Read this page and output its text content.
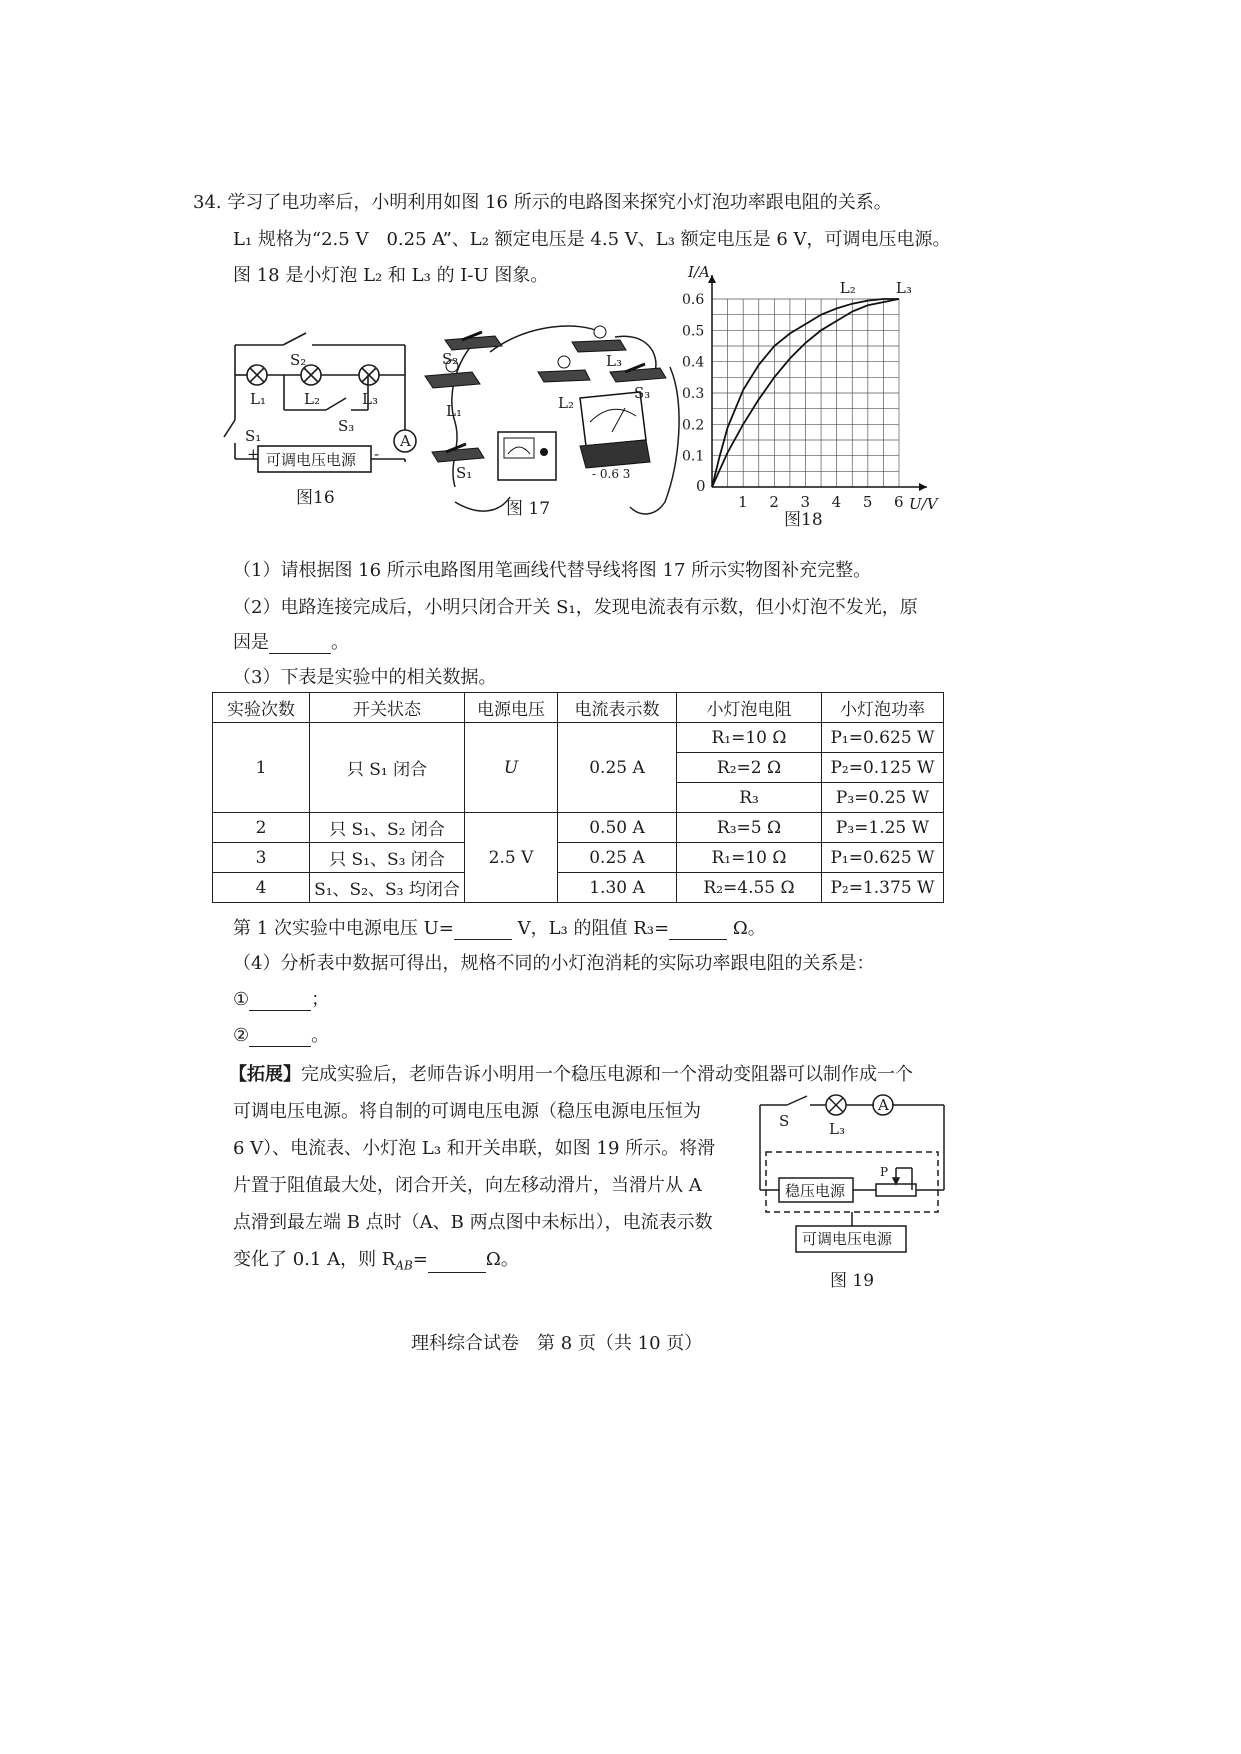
34. 学习了电功率后，小明利用如图 16 所示的电路图来探究小灯泡功率跟电阻的关系。
L₁ 规格为“2.5 V　0.25 A”、L₂ 额定电压是 4.5 V、L₃ 额定电压是 6 V，可调电压电源。
图 18 是小灯泡 L₂ 和 L₃ 的 I-U 图象。
A
S₂
L₁	L₂	L₃
S₃
S₁
+	-
可调电压电源
图16
S₂	L₃
S₃
L₂
L₁
S₁	- 0.6 3
图 17
0
1 2 3 4 5 6
0.1
0.2
0.3
0.4
0.5
0.6
U/V
I/A
L₂	L₃
图18
（1）请根据图 16 所示电路图用笔画线代替导线将图 17 所示实物图补充完整。
（2）电路连接完成后，小明只闭合开关 S₁，发现电流表有示数，但小灯泡不发光，原
因是	。
（3）下表是实验中的相关数据。
实验次数	开关状态	电源电压	电流表示数	小灯泡电阻	小灯泡功率
1	只 S₁ 闭合	U	0.25 A	R₁=10 Ω	P₁=0.625 W
				R₂=2 Ω	P₂=0.125 W
				R₃	P₃=0.25 W
2	只 S₁、S₂ 闭合	2.5 V	0.50 A	R₃=5 Ω	P₃=1.25 W
3	只 S₁、S₃ 闭合		0.25 A	R₁=10 Ω	P₁=0.625 W
4	S₁、S₂、S₃ 均闭合		1.30 A	R₂=4.55 Ω	P₂=1.375 W
第 1 次实验中电源电压 U=	V，L₃ 的阻值 R₃=	Ω。
（4）分析表中数据可得出，规格不同的小灯泡消耗的实际功率跟电阻的关系是：
①	；
②	。
【拓展】完成实验后，老师告诉小明用一个稳压电源和一个滑动变阻器可以制作成一个
可调电压电源。将自制的可调电压电源（稳压电源电压恒为
6 V）、电流表、小灯泡 L₃ 和开关串联，如图 19 所示。将滑
片置于阻值最大处，闭合开关，向左移动滑片，当滑片从 A
点滑到最左端 B 点时（A、B 两点图中未标出），电流表示数
变化了 0.1 A，则 $R_{AB}=$	Ω。
S	L₃
A
P
稳压电源
可调电压电源
图 19
理科综合试卷　第 8 页（共 10 页）
